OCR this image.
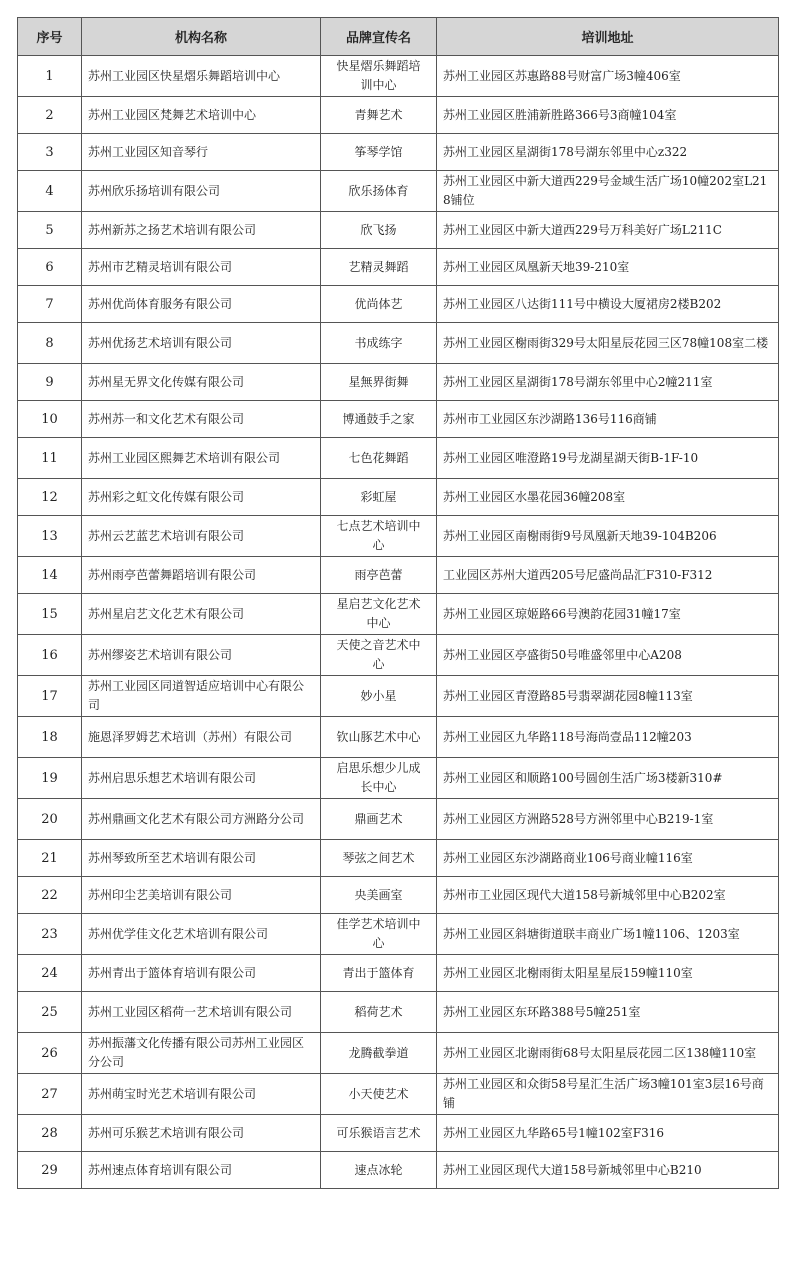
序号	机构名称	品牌宣传名	培训地址
1	苏州工业园区快星熠乐舞蹈培训中心	快星熠乐舞蹈培训中心	苏州工业园区苏惠路88号财富广场3幢406室
2	苏州工业园区梵舞艺术培训中心	青舞艺术	苏州工业园区胜浦新胜路366号3商幢104室
3	苏州工业园区知音琴行	筝琴学馆	苏州工业园区星湖街178号湖东邻里中心z322
4	苏州欣乐扬培训有限公司	欣乐扬体育	苏州工业园区中新大道西229号金域生活广场10幢202室L218铺位
5	苏州新苏之扬艺术培训有限公司	欣飞扬	苏州工业园区中新大道西229号万科美好广场L211C
6	苏州市艺精灵培训有限公司	艺精灵舞蹈	苏州工业园区凤凰新天地39-210室
7	苏州优尚体育服务有限公司	优尚体艺	苏州工业园区八达街111号中横设大厦裙房2楼B202
8	苏州优扬艺术培训有限公司	书成练字	苏州工业园区榭雨街329号太阳星辰花园三区78幢108室二楼
9	苏州星无界文化传媒有限公司	星無界街舞	苏州工业园区星湖街178号湖东邻里中心2幢211室
10	苏州苏一和文化艺术有限公司	博通鼓手之家	苏州市工业园区东沙湖路136号116商铺
11	苏州工业园区熙舞艺术培训有限公司	七色花舞蹈	苏州工业园区唯澄路19号龙湖星湖天街B-1F-10
12	苏州彩之虹文化传媒有限公司	彩虹屋	苏州工业园区水墨花园36幢208室
13	苏州云艺蓝艺术培训有限公司	七点艺术培训中心	苏州工业园区南榭雨街9号凤凰新天地39-104B206
14	苏州雨亭芭蕾舞蹈培训有限公司	雨亭芭蕾	工业园区苏州大道西205号尼盛尚品汇F310-F312
15	苏州星启艺文化艺术有限公司	星启艺文化艺术中心	苏州工业园区琼姬路66号澳韵花园31幢17室
16	苏州缪姿艺术培训有限公司	天使之音艺术中心	苏州工业园区亭盛街50号唯盛邻里中心A208
17	苏州工业园区同道智适应培训中心有限公司	妙小星	苏州工业园区青澄路85号翡翠湖花园8幢113室
18	施恩泽罗姆艺术培训（苏州）有限公司	钦山豚艺术中心	苏州工业园区九华路118号海尚壹品112幢203
19	苏州启思乐想艺术培训有限公司	启思乐想少儿成长中心	苏州工业园区和顺路100号圆创生活广场3楼新310#
20	苏州鼎画文化艺术有限公司方洲路分公司	鼎画艺术	苏州工业园区方洲路528号方洲邻里中心B219-1室
21	苏州琴致所至艺术培训有限公司	琴弦之间艺术	苏州工业园区东沙湖路商业106号商业幢116室
22	苏州印尘艺美培训有限公司	央美画室	苏州市工业园区现代大道158号新城邻里中心B202室
23	苏州优学佳文化艺术培训有限公司	佳学艺术培训中心	苏州工业园区斜塘街道联丰商业广场1幢1106、1203室
24	苏州青出于篮体育培训有限公司	青出于篮体育	苏州工业园区北榭雨街太阳星星辰159幢110室
25	苏州工业园区稻荷一艺术培训有限公司	稻荷艺术	苏州工业园区东环路388号5幢251室
26	苏州振藩文化传播有限公司苏州工业园区分公司	龙腾截拳道	苏州工业园区北谢雨街68号太阳星辰花园二区138幢110室
27	苏州萌宝时光艺术培训有限公司	小天使艺术	苏州工业园区和众街58号星汇生活广场3幢101室3层16号商铺
28	苏州可乐猴艺术培训有限公司	可乐猴语言艺术	苏州工业园区九华路65号1幢102室F316
29	苏州速点体育培训有限公司	速点冰轮	苏州工业园区现代大道158号新城邻里中心B210
